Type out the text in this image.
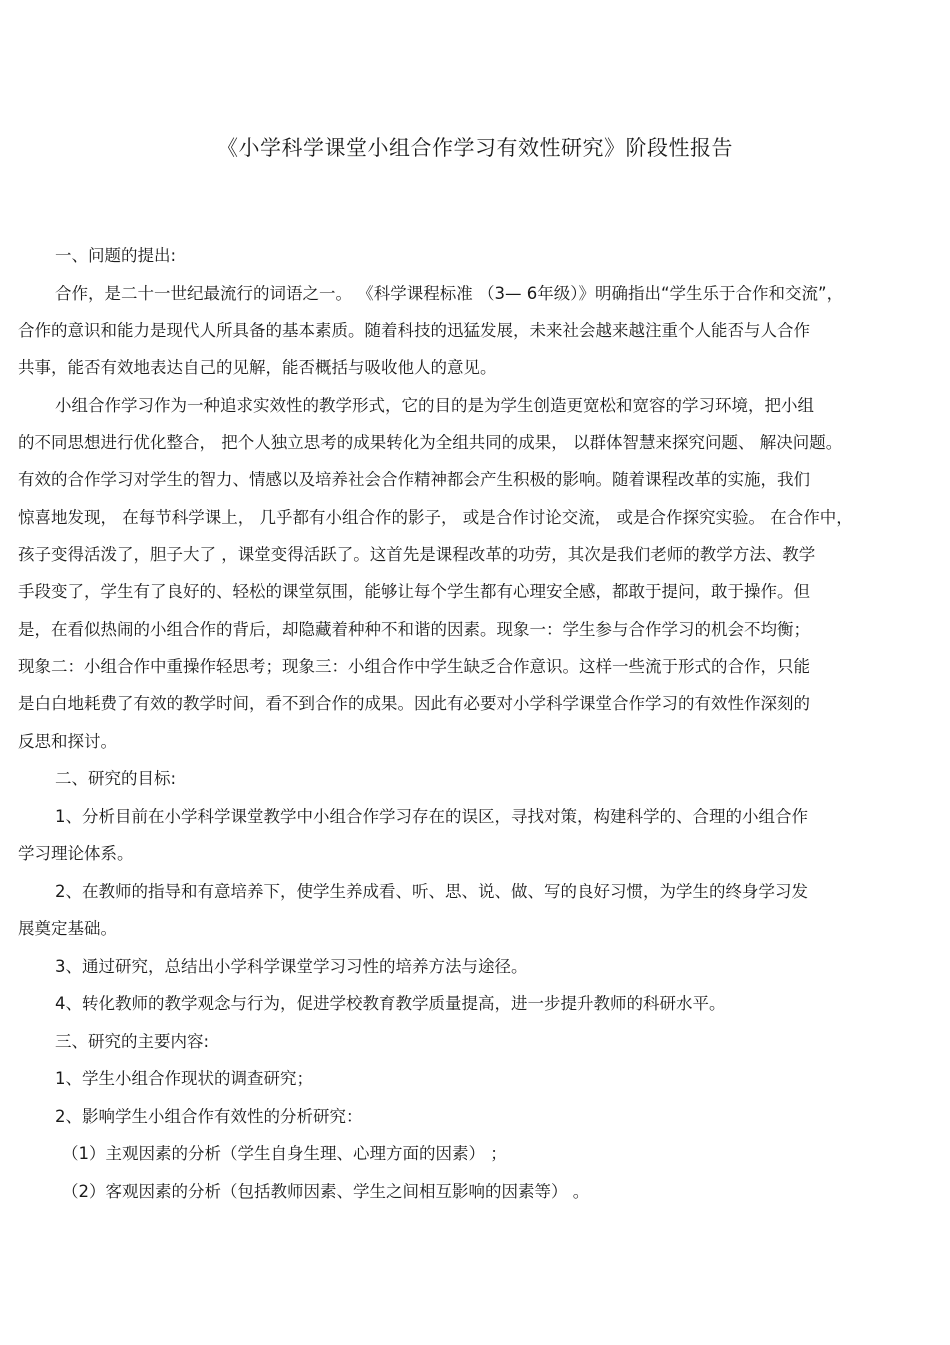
《小学科学课堂小组合作学习有效性研究》阶段性报告
一、问题的提出:
合作，是二十一世纪最流行的词语之一。 《科学课程标准 （3— 6年级）》明确指出“学生乐于合作和交流”，
合作的意识和能力是现代人所具备的基本素质。随着科技的迅猛发展，未来社会越来越注重个人能否与人合作
共事，能否有效地表达自己的见解，能否概括与吸收他人的意见。
小组合作学习作为一种追求实效性的教学形式，它的目的是为学生创造更宽松和宽容的学习环境，把小组
的不同思想进行优化整合， 把个人独立思考的成果转化为全组共同的成果， 以群体智慧来探究问题、 解决问题。
有效的合作学习对学生的智力、情感以及培养社会合作精神都会产生积极的影响。随着课程改革的实施，我们
惊喜地发现， 在每节科学课上， 几乎都有小组合作的影子， 或是合作讨论交流， 或是合作探究实验。 在合作中，
孩子变得活泼了，胆子大了 ，课堂变得活跃了。这首先是课程改革的功劳，其次是我们老师的教学方法、教学
手段变了，学生有了良好的、轻松的课堂氛围，能够让每个学生都有心理安全感，都敢于提问，敢于操作。但
是，在看似热闹的小组合作的背后，却隐藏着种种不和谐的因素。现象一：学生参与合作学习的机会不均衡；
现象二：小组合作中重操作轻思考；现象三：小组合作中学生缺乏合作意识。这样一些流于形式的合作，只能
是白白地耗费了有效的教学时间，看不到合作的成果。因此有必要对小学科学课堂合作学习的有效性作深刻的
反思和探讨。
二、研究的目标:
1、分析目前在小学科学课堂教学中小组合作学习存在的误区，寻找对策，构建科学的、合理的小组合作
学习理论体系。
2、在教师的指导和有意培养下，使学生养成看、听、思、说、做、写的良好习惯，为学生的终身学习发
展奠定基础。
3、通过研究，总结出小学科学课堂学习习性的培养方法与途径。
4、转化教师的教学观念与行为，促进学校教育教学质量提高，进一步提升教师的科研水平。
三、研究的主要内容:
1、学生小组合作现状的调查研究；
2、影响学生小组合作有效性的分析研究：
（1）主观因素的分析（学生自身生理、心理方面的因素） ；
（2）客观因素的分析（包括教师因素、学生之间相互影响的因素等） 。
